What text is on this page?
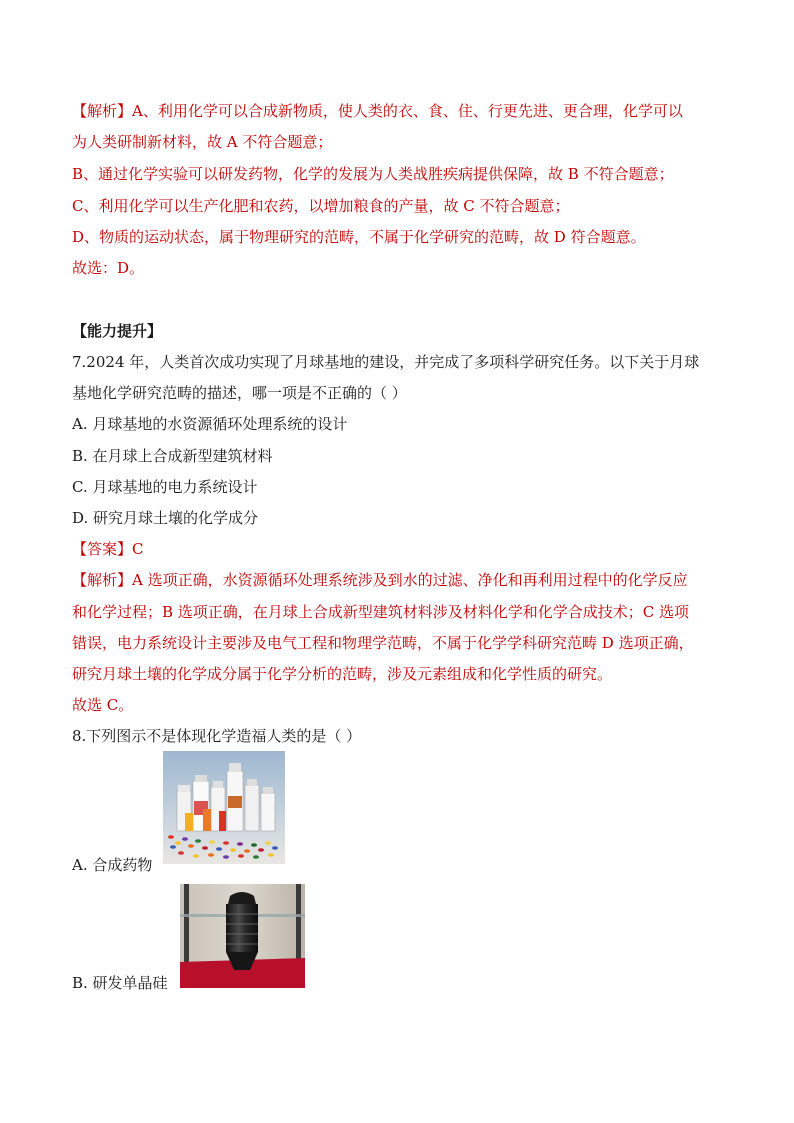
【解析】A、利用化学可以合成新物质，使人类的衣、食、住、行更先进、更合理，化学可以
为人类研制新材料，故 A 不符合题意；
B、通过化学实验可以研发药物，化学的发展为人类战胜疾病提供保障，故 B 不符合题意；
C、利用化学可以生产化肥和农药，以增加粮食的产量，故 C 不符合题意；
D、物质的运动状态，属于物理研究的范畴，不属于化学研究的范畴，故 D 符合题意。
故选：D。
【能力提升】
7.2024 年，人类首次成功实现了月球基地的建设，并完成了多项科学研究任务。以下关于月球
基地化学研究范畴的描述，哪一项是不正确的（ ）
A. 月球基地的水资源循环处理系统的设计
B. 在月球上合成新型建筑材料
C. 月球基地的电力系统设计
D. 研究月球土壤的化学成分
【答案】C
【解析】A 选项正确，水资源循环处理系统涉及到水的过滤、净化和再利用过程中的化学反应
和化学过程；B 选项正确，在月球上合成新型建筑材料涉及材料化学和化学合成技术；C 选项
错误，电力系统设计主要涉及电气工程和物理学范畴，不属于化学学科研究范畴 D 选项正确，
研究月球土壤的化学成分属于化学分析的范畴，涉及元素组成和化学性质的研究。
故选 C。
8.下列图示不是体现化学造福人类的是（ ）
A. 合成药物
B. 研发单晶硅
